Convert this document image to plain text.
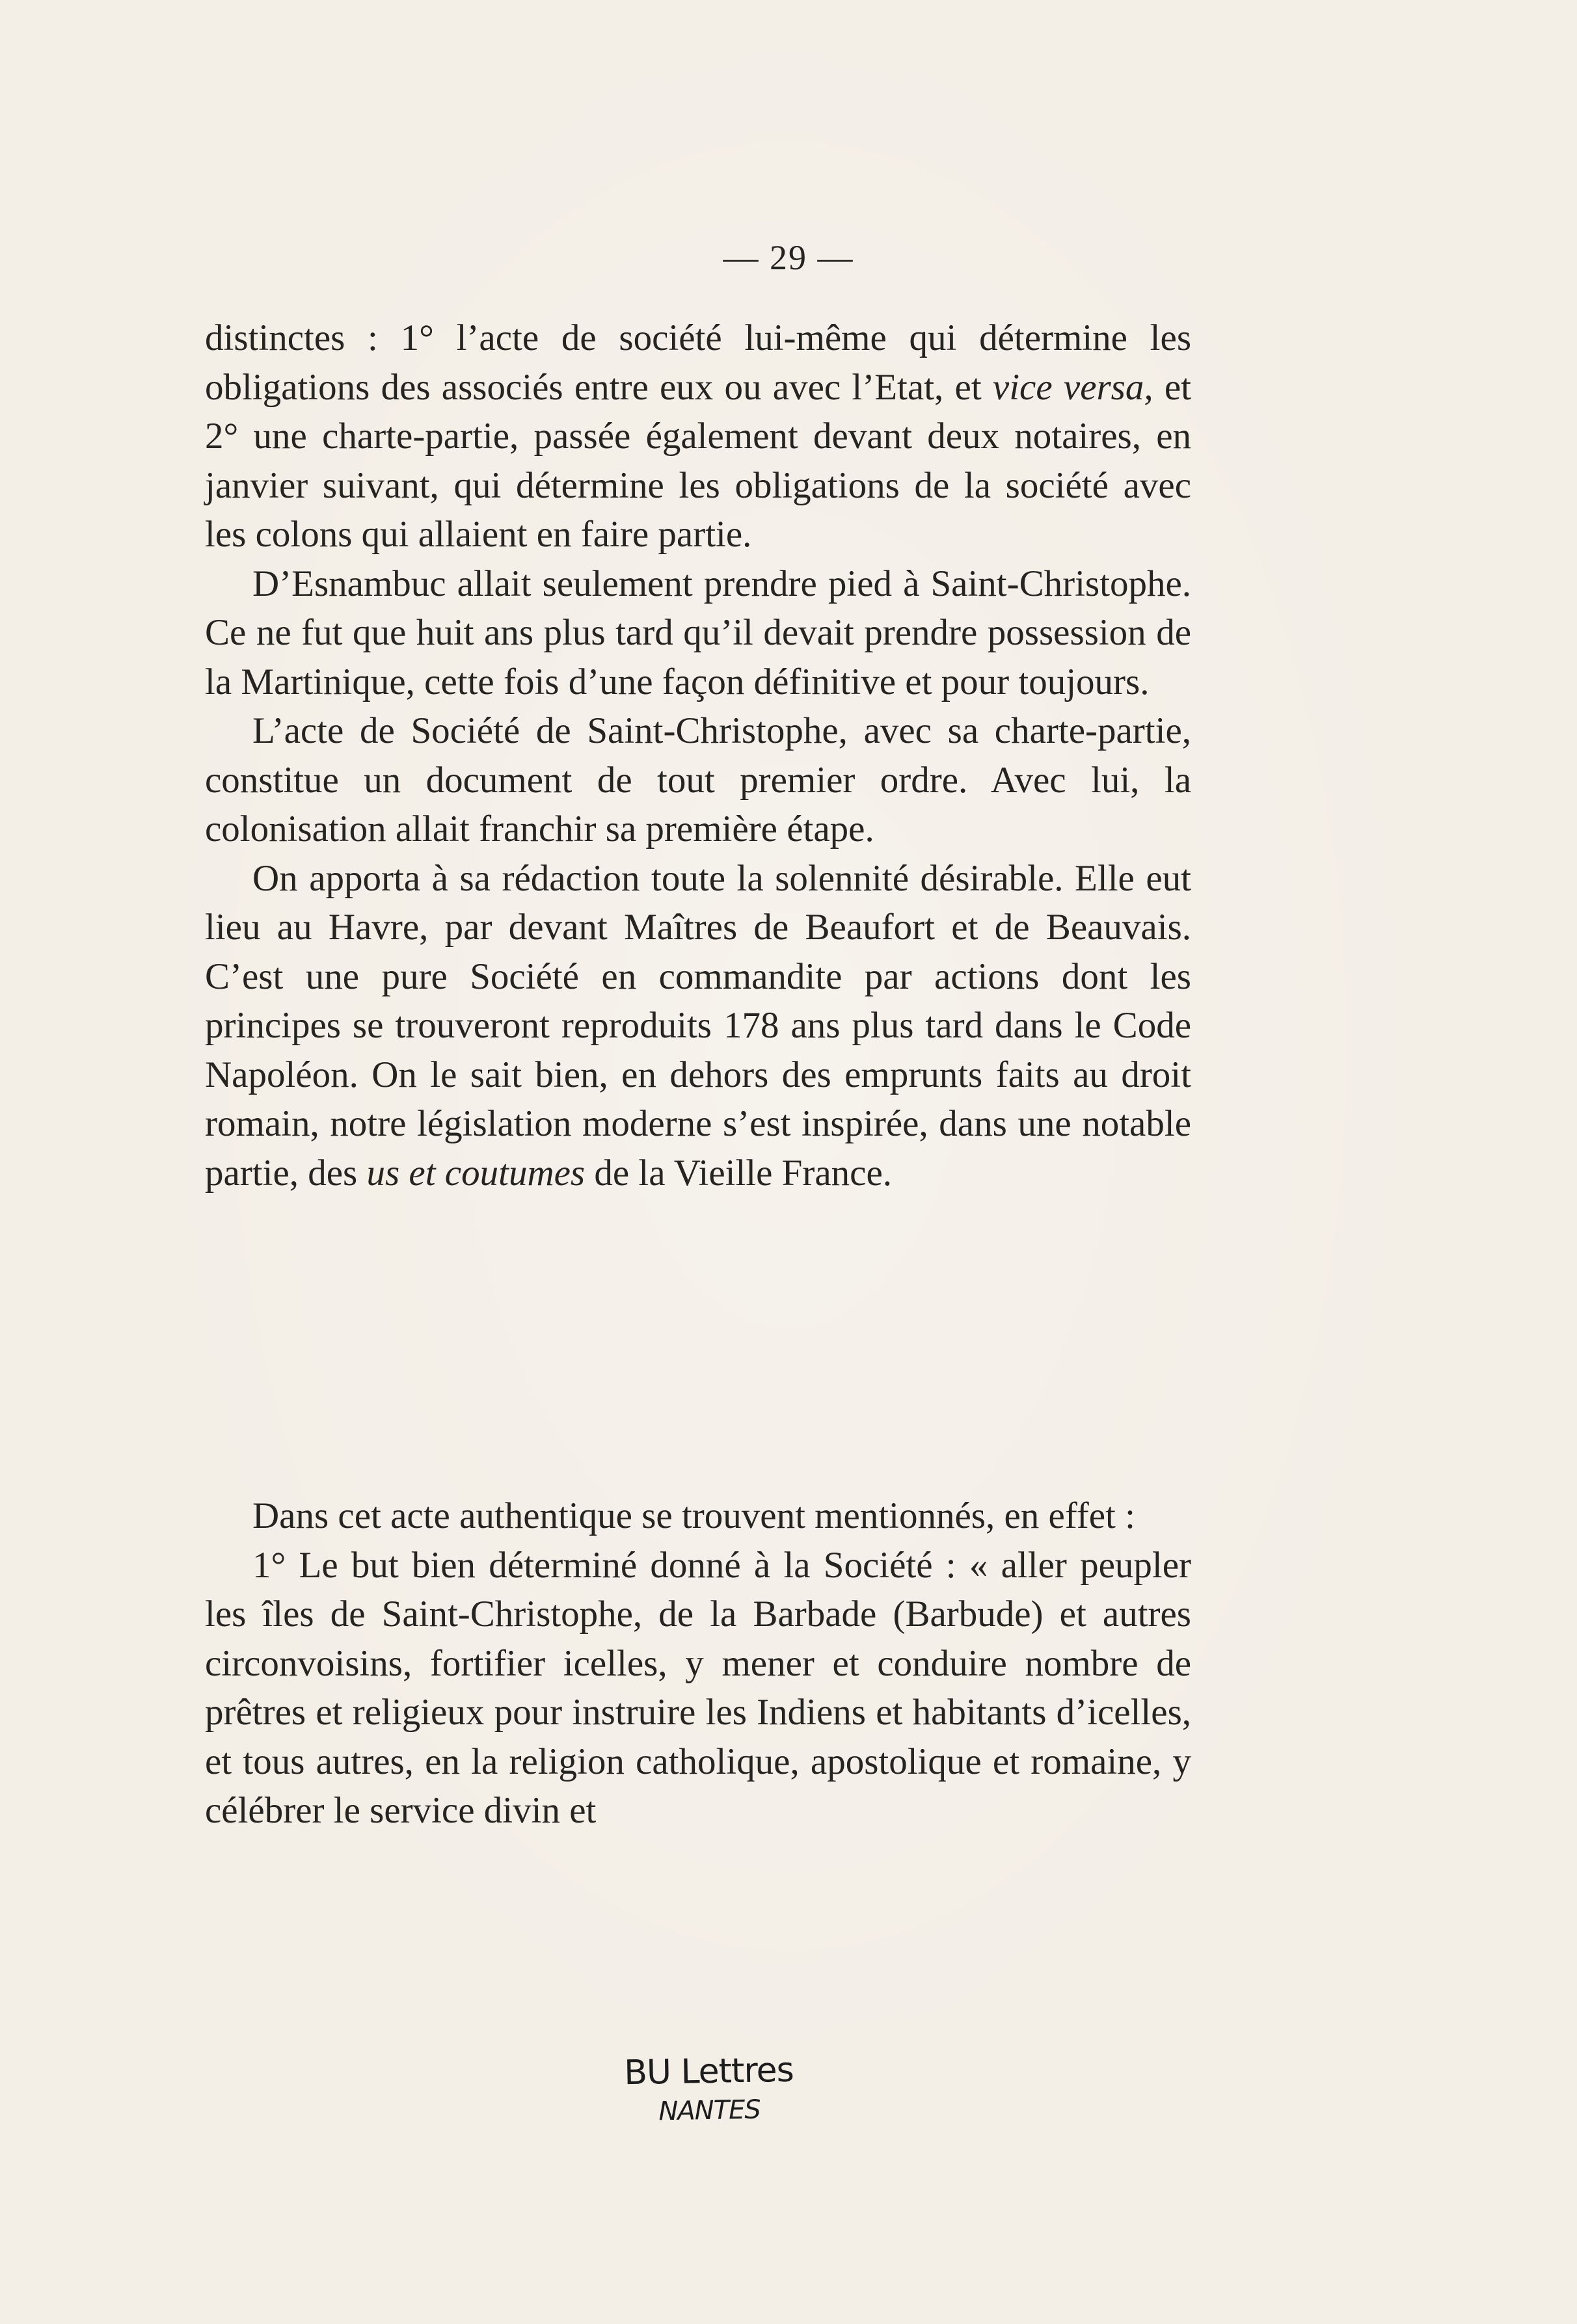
— 29 —

distinctes : 1° l’acte de société lui-même qui détermine les obligations des associés entre eux ou avec l’Etat, et vice versa, et 2° une charte-partie, passée également devant deux notaires, en janvier suivant, qui détermine les obligations de la société avec les colons qui allaient en faire partie.

D’Esnambuc allait seulement prendre pied à Saint-Christophe. Ce ne fut que huit ans plus tard qu’il devait prendre possession de la Martinique, cette fois d’une façon définitive et pour toujours.

L’acte de Société de Saint-Christophe, avec sa charte-partie, constitue un document de tout premier ordre. Avec lui, la colonisation allait franchir sa première étape.

On apporta à sa rédaction toute la solennité désirable. Elle eut lieu au Havre, par devant Maîtres de Beaufort et de Beauvais. C’est une pure Société en commandite par actions dont les principes se trouveront reproduits 178 ans plus tard dans le Code Napoléon. On le sait bien, en dehors des emprunts faits au droit romain, notre législation moderne s’est inspirée, dans une notable partie, des us et coutumes de la Vieille France.

Dans cet acte authentique se trouvent mentionnés, en effet :

1° Le but bien déterminé donné à la Société : « aller peupler les îles de Saint-Christophe, de la Barbade (Barbude) et autres circonvoisins, fortifier icelles, y mener et conduire nombre de prêtres et religieux pour instruire les Indiens et habitants d’icelles, et tous autres, en la religion catholique, apostolique et romaine, y célébrer le service divin et

BU Lettres
NANTES
